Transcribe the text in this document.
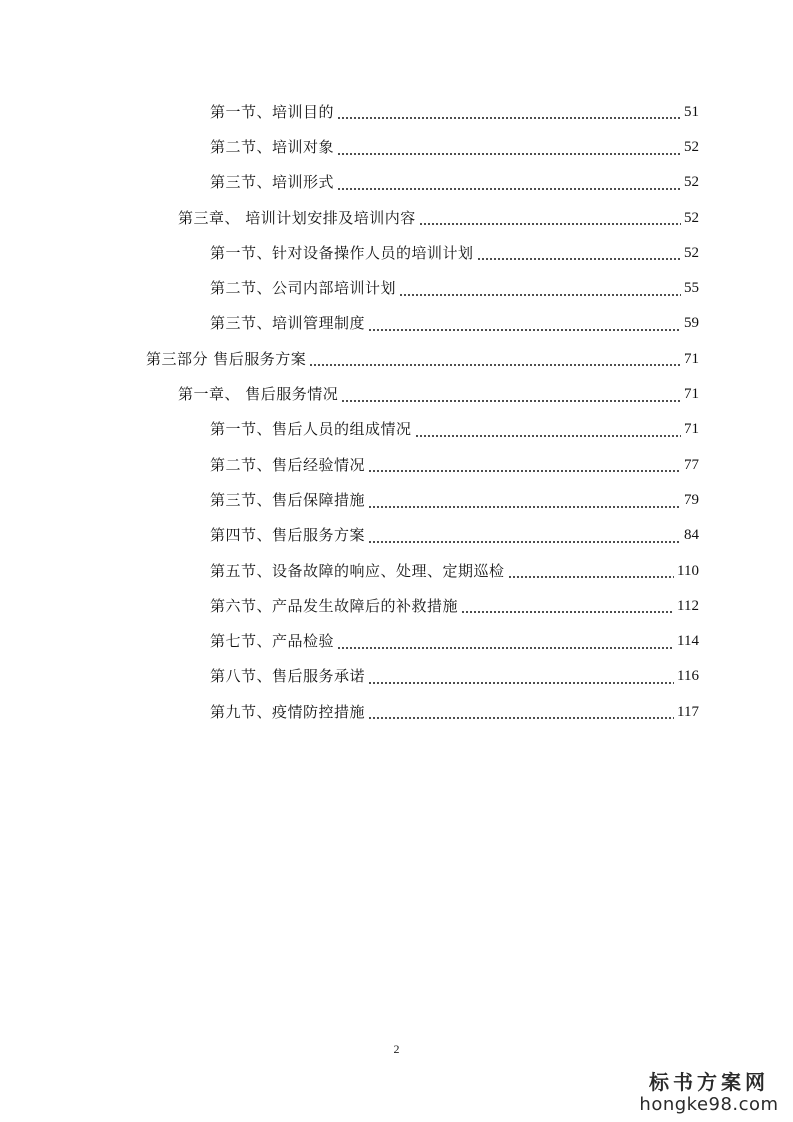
第一节、培训目的	51
第二节、培训对象	52
第三节、培训形式	52
第三章、 培训计划安排及培训内容	52
第一节、针对设备操作人员的培训计划	52
第二节、公司内部培训计划	55
第三节、培训管理制度	59
第三部分 售后服务方案	71
第一章、 售后服务情况	71
第一节、售后人员的组成情况	71
第二节、售后经验情况	77
第三节、售后保障措施	79
第四节、售后服务方案	84
第五节、设备故障的响应、处理、定期巡检	110
第六节、产品发生故障后的补救措施	112
第七节、产品检验	114
第八节、售后服务承诺	116
第九节、疫情防控措施	117
2
标书方案网
hongke98.com
